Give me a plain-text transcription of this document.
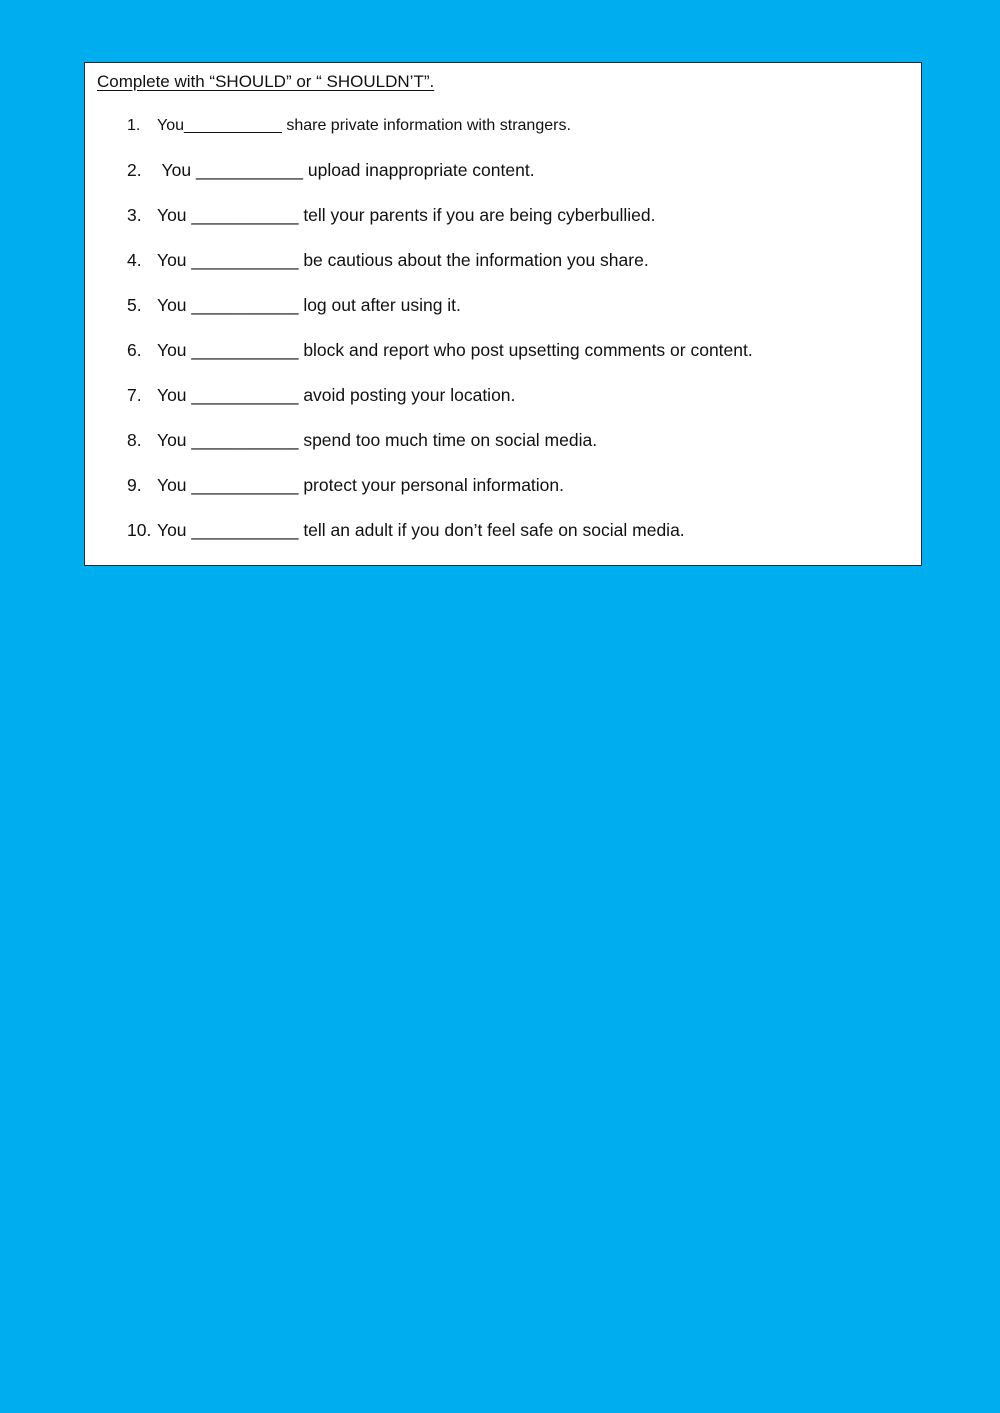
Complete with “SHOULD” or “ SHOULDN’T”.
1. You___________ share private information with strangers.
2. You ___________ upload inappropriate content.
3. You ___________ tell your parents if you are being cyberbullied.
4. You ___________ be cautious about the information you share.
5. You ___________ log out after using it.
6. You ___________ block and report who post upsetting comments or content.
7. You ___________ avoid posting your location.
8. You ___________ spend too much time on social media.
9. You ___________ protect your personal information.
10. You ___________ tell an adult if you don’t feel safe on social media.
